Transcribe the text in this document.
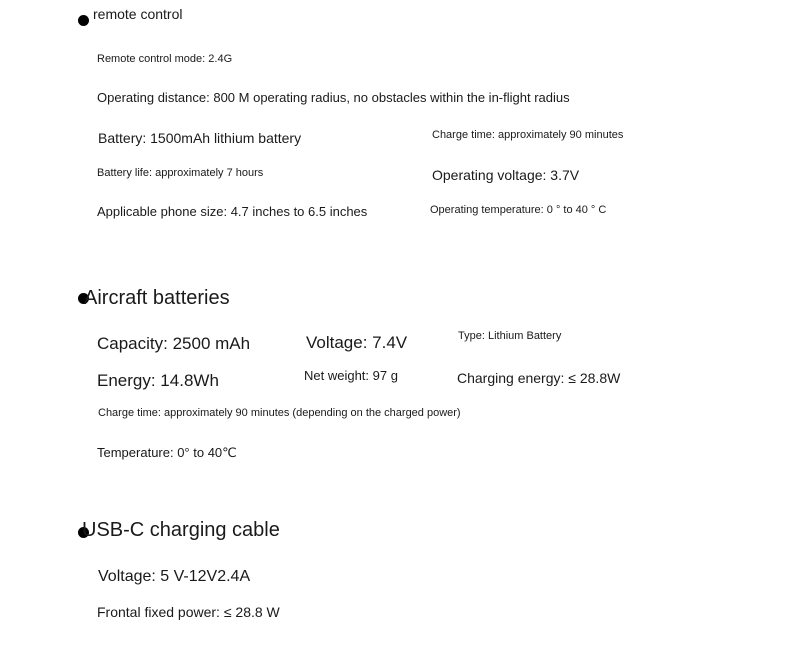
remote control
Remote control mode: 2.4G
Operating distance: 800 M operating radius, no obstacles within the in-flight radius
Battery: 1500mAh lithium battery	Charge time: approximately 90 minutes
Battery life: approximately 7 hours	Operating voltage: 3.7V
Applicable phone size: 4.7 inches to 6.5 inches	Operating temperature: 0 ° to 40 ° C
Aircraft batteries
Capacity: 2500 mAh	Voltage: 7.4V	Type: Lithium Battery
Energy: 14.8Wh	Net weight: 97 g	Charging energy: ≤ 28.8W
Charge time: approximately 90 minutes (depending on the charged power)
Temperature: 0° to 40℃
USB-C charging cable
Voltage: 5 V-12V2.4A
Frontal fixed power: ≤ 28.8 W
